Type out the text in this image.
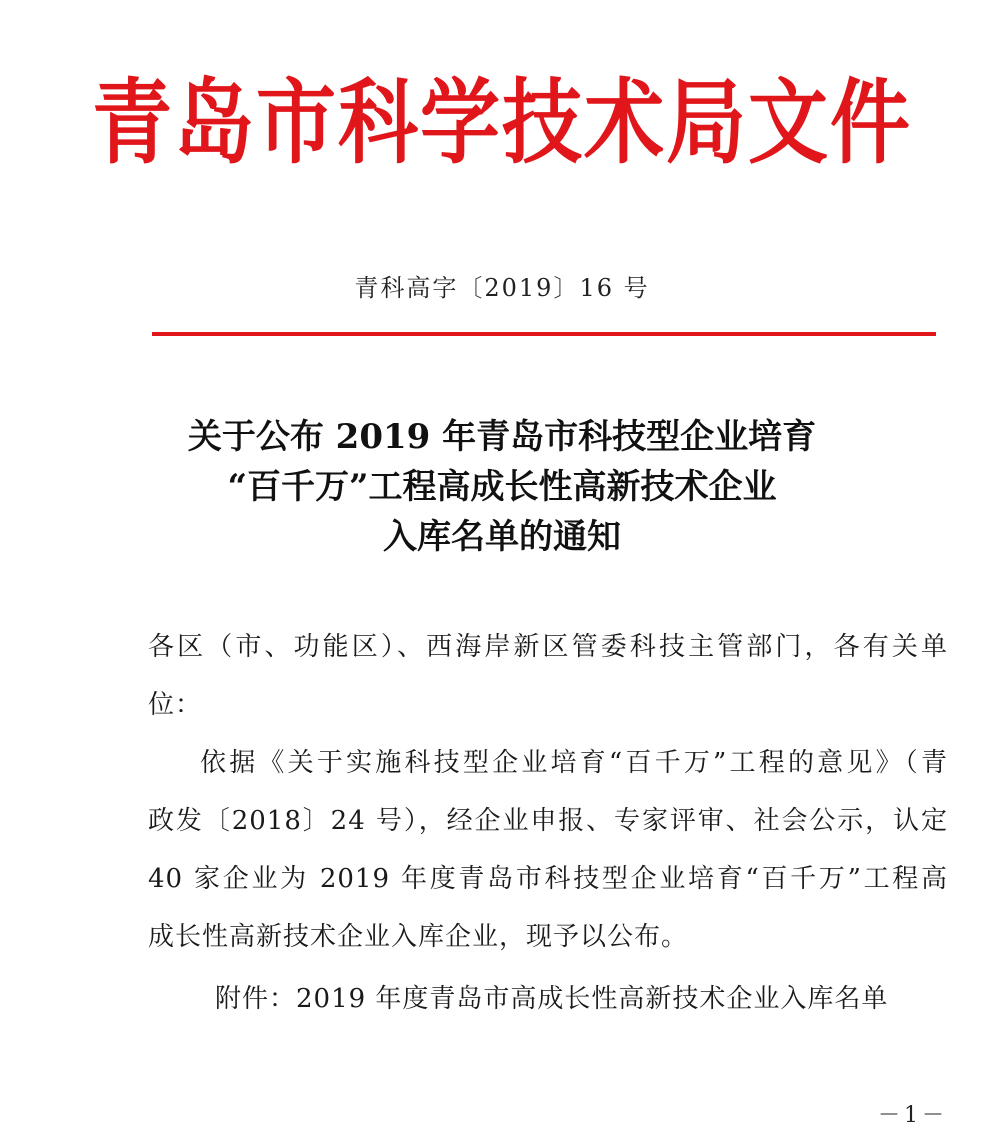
青岛市科学技术局文件
青科高字〔2019〕16 号
关于公布 2019 年青岛市科技型企业培育
“百千万”工程高成长性高新技术企业
入库名单的通知
各区（市、功能区）、西海岸新区管委科技主管部门，各有关单
位：
依据《关于实施科技型企业培育“百千万”工程的意见》（青
政发〔2018〕24 号），经企业申报、专家评审、社会公示，认定
40 家企业为 2019 年度青岛市科技型企业培育“百千万”工程高
成长性高新技术企业入库企业，现予以公布。
附件：2019 年度青岛市高成长性高新技术企业入库名单
－1－
